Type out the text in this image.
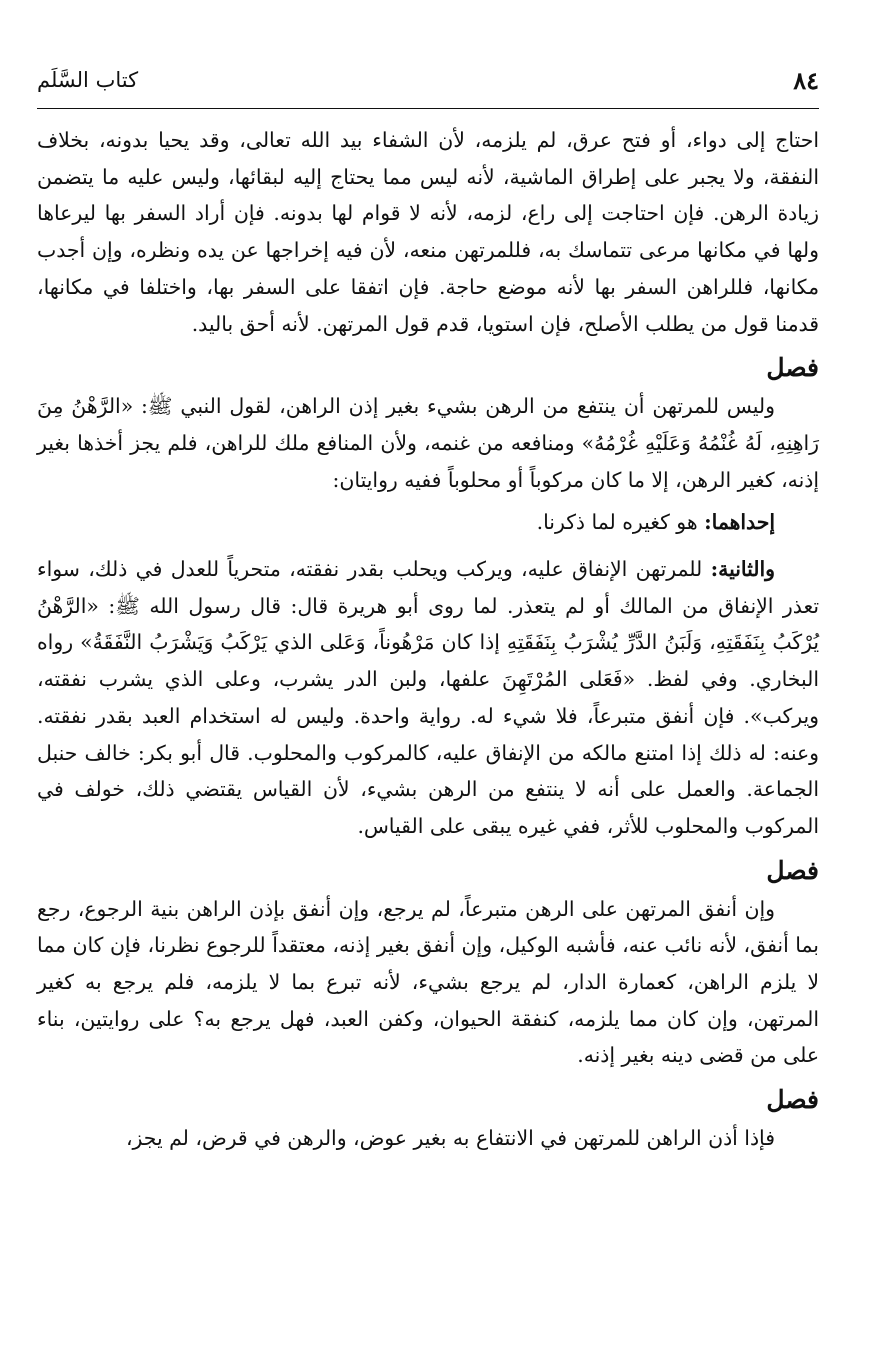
٨٤
كتاب السَّلَم

احتاج إلى دواء، أو فتح عرق، لم يلزمه، لأن الشفاء بيد الله تعالى، وقد يحيا بدونه، بخلاف النفقة، ولا يجبر على إطراق الماشية، لأنه ليس مما يحتاج إليه لبقائها، وليس عليه ما يتضمن زيادة الرهن. فإن احتاجت إلى راع، لزمه، لأنه لا قوام لها بدونه. فإن أراد السفر بها ليرعاها ولها في مكانها مرعى تتماسك به، فللمرتهن منعه، لأن فيه إخراجها عن يده ونظره، وإن أجدب مكانها، فللراهن السفر بها لأنه موضع حاجة. فإن اتفقا على السفر بها، واختلفا في مكانها، قدمنا قول من يطلب الأصلح، فإن استويا، قدم قول المرتهن. لأنه أحق باليد.

فصل

وليس للمرتهن أن ينتفع من الرهن بشيء بغير إذن الراهن، لقول النبي ﷺ: «الرَّهْنُ مِنَ رَاهِنِهِ، لَهُ غُنْمُهُ وَعَلَيْهِ غُرْمُهُ» ومنافعه من غنمه، ولأن المنافع ملك للراهن، فلم يجز أخذها بغير إذنه، كغير الرهن، إلا ما كان مركوباً أو محلوباً ففيه روايتان:

إحداهما: هو كغيره لما ذكرنا.

والثانية: للمرتهن الإنفاق عليه، ويركب ويحلب بقدر نفقته، متحرياً للعدل في ذلك، سواء تعذر الإنفاق من المالك أو لم يتعذر. لما روى أبو هريرة قال: قال رسول الله ﷺ: «الرَّهْنُ يُرْكَبُ بِنَفَقَتِهِ، وَلَبَنُ الدَّرِّ يُشْرَبُ بِنَفَقَتِهِ إذا كان مَرْهُوناً، وَعَلى الذي يَرْكَبُ وَيَشْرَبُ النَّفَقَةُ» رواه البخاري. وفي لفظ. «فَعَلى المُرْتَهِنَ علفها، ولبن الدر يشرب، وعلى الذي يشرب نفقته، ويركب». فإن أنفق متبرعاً، فلا شيء له. رواية واحدة. وليس له استخدام العبد بقدر نفقته. وعنه: له ذلك إذا امتنع مالكه من الإنفاق عليه، كالمركوب والمحلوب. قال أبو بكر: خالف حنبل الجماعة. والعمل على أنه لا ينتفع من الرهن بشيء، لأن القياس يقتضي ذلك، خولف في المركوب والمحلوب للأثر، ففي غيره يبقى على القياس.

فصل

وإن أنفق المرتهن على الرهن متبرعاً، لم يرجع، وإن أنفق بإذن الراهن بنية الرجوع، رجع بما أنفق، لأنه نائب عنه، فأشبه الوكيل، وإن أنفق بغير إذنه، معتقداً للرجوع نظرنا، فإن كان مما لا يلزم الراهن، كعمارة الدار، لم يرجع بشيء، لأنه تبرع بما لا يلزمه، فلم يرجع به كغير المرتهن، وإن كان مما يلزمه، كنفقة الحيوان، وكفن العبد، فهل يرجع به؟ على روايتين، بناء على من قضى دينه بغير إذنه.

فصل

فإذا أذن الراهن للمرتهن في الانتفاع به بغير عوض، والرهن في قرض، لم يجز،
